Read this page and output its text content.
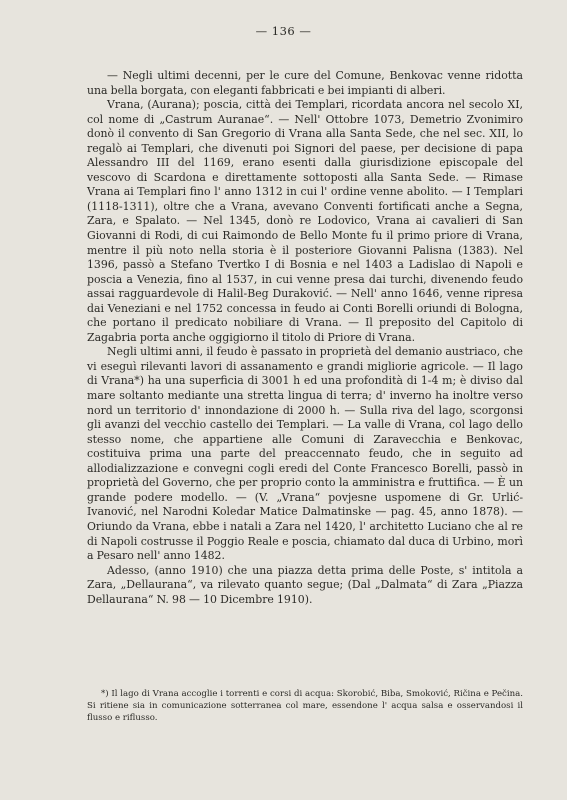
— 136 —

— Negli ultimi decenni, per le cure del Comune, Benkovac venne ridotta una bella borgata, con eleganti fabbricati e bei impianti di alberi.

Vrana, (Aurana); poscia, città dei Templari, ricordata ancora nel secolo XI, col nome di „Castrum Auranae“. — Nell' Ottobre 1073, Demetrio Zvonimiro donò il convento di San Gregorio di Vrana alla Santa Sede, che nel sec. XII, lo regalò ai Templari, che divenuti poi Signori del paese, per decisione di papa Alessandro III del 1169, erano esenti dalla giurisdizione episcopale del vescovo di Scardona e direttamente sottoposti alla Santa Sede. — Rimase Vrana ai Templari fino l' anno 1312 in cui l' ordine venne abolito. — I Templari (1118-1311), oltre che a Vrana, avevano Conventi fortificati anche a Segna, Zara, e Spalato. — Nel 1345, donò re Lodovico, Vrana ai cavalieri di San Giovanni di Rodi, di cui Raimondo de Bello Monte fu il primo priore di Vrana, mentre il più noto nella storia è il posteriore Giovanni Palisna (1383). Nel 1396, passò a Stefano Tvertko I di Bosnia e nel 1403 a Ladislao di Napoli e poscia a Venezia, fino al 1537, in cui venne presa dai turchi, divenendo feudo assai ragguardevole di Halil-Beg Duraković. — Nell' anno 1646, venne ripresa dai Veneziani e nel 1752 concessa in feudo ai Conti Borelli oriundi di Bologna, che portano il predicato nobiliare di Vrana. — Il preposito del Capitolo di Zagabria porta anche oggigiorno il titolo di Priore di Vrana.

Negli ultimi anni, il feudo è passato in proprietà del demanio austriaco, che vi eseguì rilevanti lavori di assanamento e grandi migliorie agricole. — Il lago di Vrana*) ha una superficia di 3001 h ed una profondità di 1-4 m; è diviso dal mare soltanto mediante una stretta lingua di terra; d' inverno ha inoltre verso nord un territorio d' innondazione di 2000 h. — Sulla riva del lago, scorgonsi gli avanzi del vecchio castello dei Templari. — La valle di Vrana, col lago dello stesso nome, che appartiene alle Comuni di Zaravecchia e Benkovac, costituiva prima una parte del preaccennato feudo, che in seguito ad allodializzazione e convegni cogli eredi del Conte Francesco Borelli, passò in proprietà del Governo, che per proprio conto la amministra e fruttifica. — È un grande podere modello. — (V. „Vrana“ povjesne uspomene di Gr. Urlić-Ivanović, nel Narodni Koledar Matice Dalmatinske — pag. 45, anno 1878). — Oriundo da Vrana, ebbe i natali a Zara nel 1420, l' architetto Luciano che al re di Napoli costrusse il Poggio Reale e poscia, chiamato dal duca di Urbino, morì a Pesaro nell' anno 1482.

Adesso, (anno 1910) che una piazza detta prima delle Poste, s' intitola a Zara, „Dellaurana“, va rilevato quanto segue; (Dal „Dalmata“ di Zara „Piazza Dellaurana“ N. 98 — 10 Dicembre 1910).

*) Il lago di Vrana accoglie i torrenti e corsi di acqua: Skorobić, Biba, Smoković, Ričina e Pečina. Si ritiene sia in comunicazione sotterranea col mare, essendone l' acqua salsa e osservandosi il flusso e riflusso.
